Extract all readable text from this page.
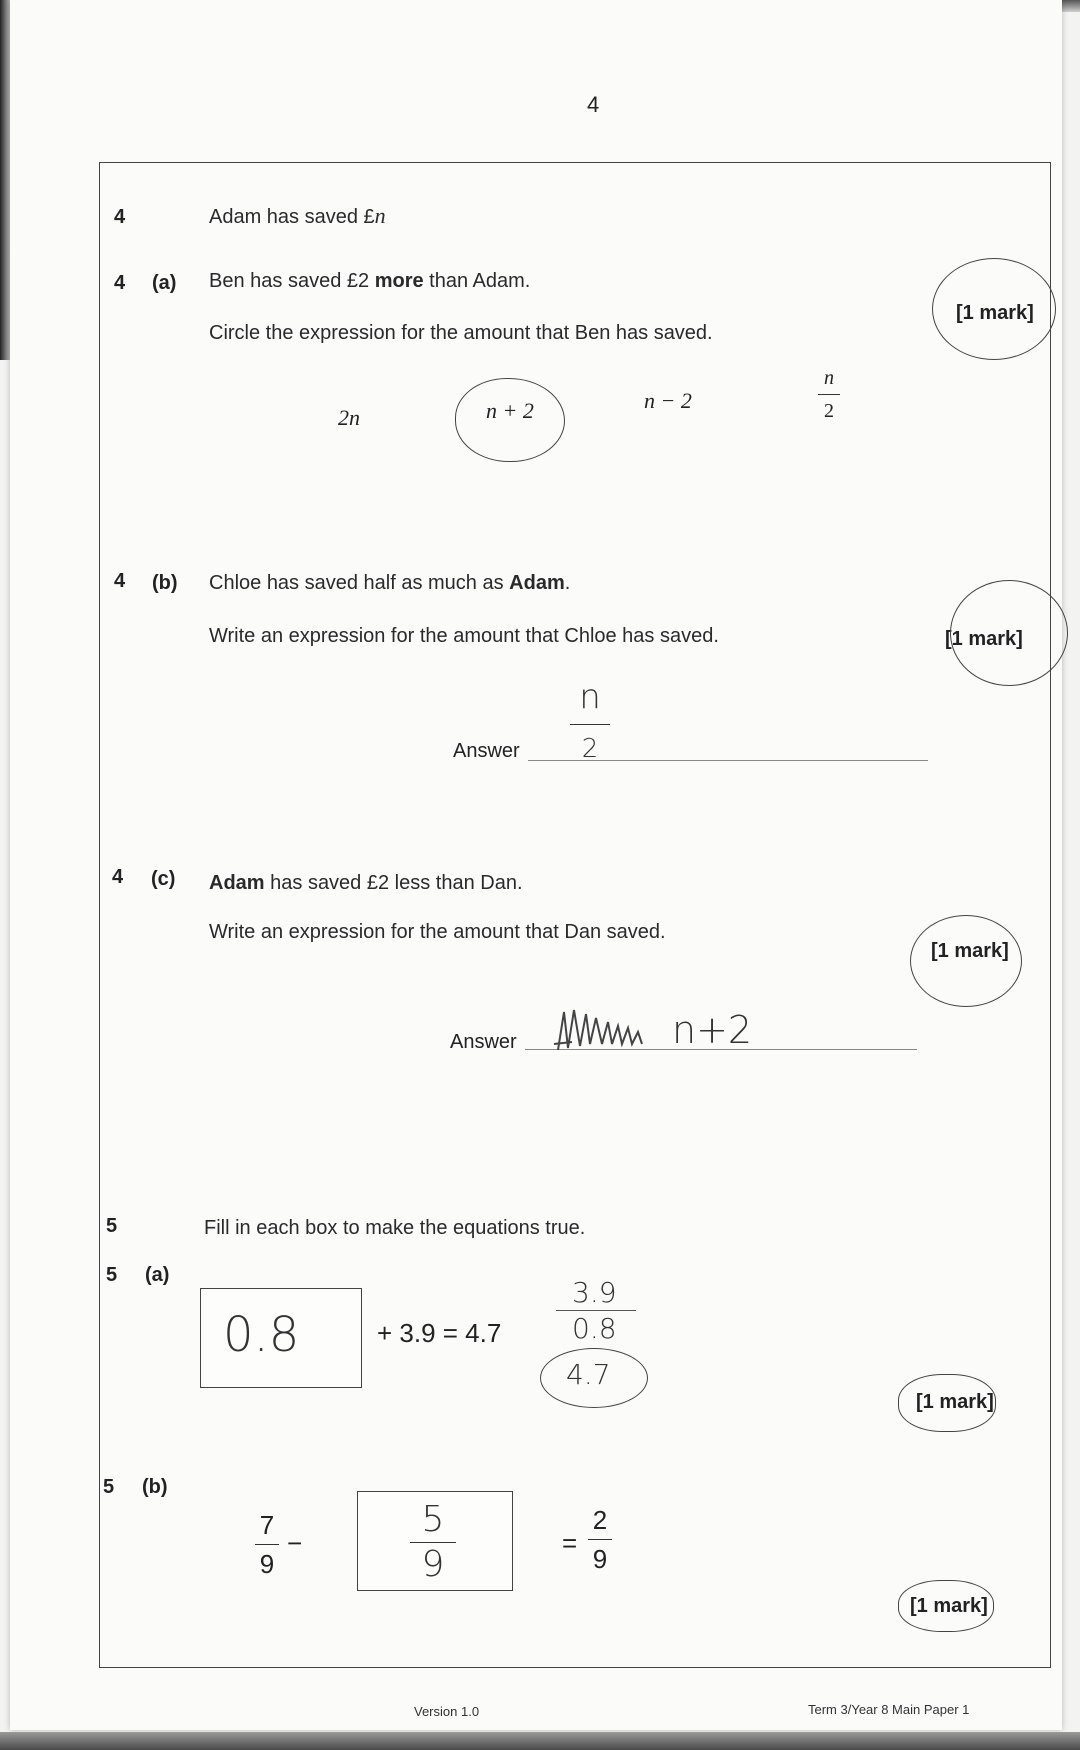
4
4	Adam has saved £n
4 (a) Ben has saved £2 more than Adam.
Circle the expression for the amount that Ben has saved.
2n	n + 2	n − 2
n
2
[1 mark]
4 (b) Chloe has saved half as much as Adam.
Write an expression for the amount that Chloe has saved.
Answer
n
2
[1 mark]
4 (c) Adam has saved £2 less than Dan.
Write an expression for the amount that Dan saved.
Answer	n+2
[1 mark]
5	Fill in each box to make the equations true.
5 (a)
0.8	+ 3.9 = 4.7
3.9
0.8
4.7
[1 mark]
5 (b)
7
9
−
5
9
=
2
9
[1 mark]
Version 1.0	Term 3/Year 8 Main Paper 1
